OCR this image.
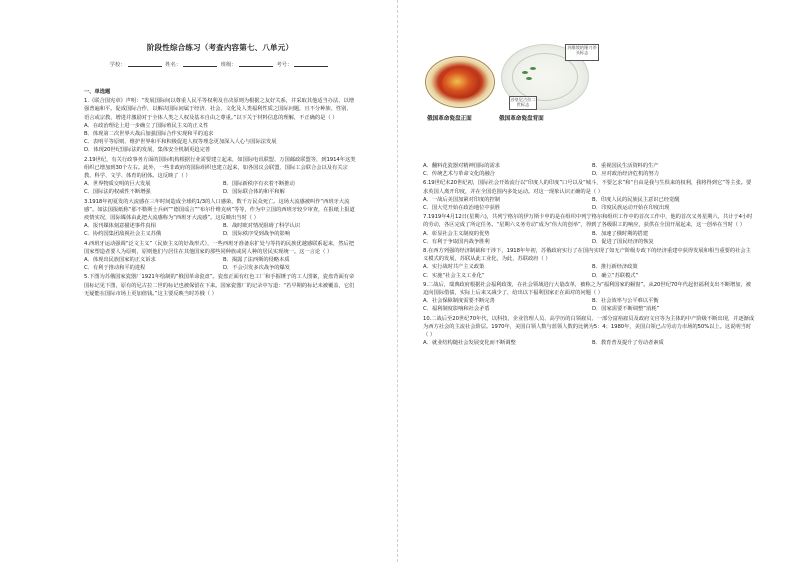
阶段性综合练习（考查内容第七、八单元）
学校：	姓名：	班级：	考号：
一、单选题
1.《联合国宪章》声明：“发展国际间以尊重人民平等权利及自决原则为根据之友好关系，并采取其他适当办法，以增强普遍和平。促成国际合作，以解决国际间属于经济、社会、文化及人类福利性质之国际问题，且不分种族、性别、语言或宗教，增进并激励对于全体人类之人权及基本自由之尊重。”以下关于材料信息的理解，不正确的是（ ）
A．在政治理论上进一步确立了国际殖民主义的正义性
B．体现第二次世界大战后加强国际合作实现和平的追求
C．表明平等原则、维护世界和平和积极促进人权等理念更加深入人心与国际法发展
D．体现20世纪国际法的发展，集体安全机制更趋完善
2.19世纪，有关行政事务方面的国际机构根据行业需要建立起来，如国际电讯联盟、万国邮政联盟等，到1914年这类组织已增加到30个左右。此外，一些非政府的国际组织也建立起来，如各国议会联盟、国际工会联合会以及有关宗教、科学、文学、体育的团体。这反映了（ ）
A．世界物质交明的巨大发展	B．国际新秩序有衣着不断推动
C．国际法的权威性不断增强	D．国际联合体的和平和解
3.1918年初夏发的大流感在三年时间造成全球约1/3的人口感染，数千万民众死亡。这场大流感被叫作“西班牙大流感”。如法国报纸称“那不勒斯士兵病”“德国谣言”“布尔什维克病”等等，作为中立国的西班牙较少审查，在报纸上报道疫情实况，国际媒体由此把大流感称为“西班牙大流感”。这反映出当时（ ）
A．报刊媒体刻意描述事件真相	B．战时欧对情况阻碍了科学认识
C．协约国集团敌视社会主义苏俄	D．国际秩序受到战争的影响
4.西班牙运动强调“泛文主义”（民族主义的好战形式），一些西班牙准备东扩处与等持的民族优越感联系起来，然后把国家塑造者要人为原则，原则他们与居住在其他国家的那些同种族或同人种的居民实现统一。这一言论（ ）
A．体现出民族国家的正义诉求	B．揭露了法西斯的侵略本质
C．有利于推动和平的进程	D．不会引发多次战争的爆发
5.下图为苏俄国家瓷器厂1921年绘制的“俄国革命瓷盘”。瓷盘正面有红色工厂和手握锤子的工人图案，瓷盘背面有帝国标记见下图，原有的尼古拉二世的标记也被保留在下来。国家瓷器厂的记录中写道：“若早期的标记未被覆盖，它们无疑能在国际市场上更加值钱。”这主要反映当时苏俄（ ）
苏维埃的锤刀斧头标志
沙皇尼古拉二世标志
俄国革命瓷盘正面	俄国革命瓷盘背面
A．翻料花瓷器对精神国际的需求	B．重视国民生活资料的生产
C．传统艺术与革命文化的融合	D．应对政治经济危机的努力
6.19世纪末20世纪初，国际社会开始流行以“印度人的印度”口号以及“城斗，不要乞求”和“自由是我与生俱来的权利，我将得到它”等主张。要求英国人离开印度，并在全国范围内多处运动。对这一现象认识正确的是（ ）
A．一战后美国加紧对印度的控制	B．印度人民的民族民主意识已经觉醒
C．国大党开始在政治地位中获胜	D．印度民族运动开始在印度出现
7.1919年4月12日(星期六)，共列宁格尔的伊万斯卡申的是在组织中列宁格尔和组织工作中的首次工作中，他的首次义务星期六，共计于4小时的劳动，各区完成了所定任务。“星期六义务劳动”成为“伟大的创举”，得到了各级职工的响应，获供在全国开展起来，这一创举在当时（ ）
A．彰显社会主义制度的优势	B．加速了俄时期的搭建
C．有利于争取国内战争胜利	D．促进了国民经济的恢复
8.在西方列强的经济制裁和干涉下，1918年年初，苏俄政府实行了在国内实现了如无产阶级专政下的经济重建中获得发展和相当重要的社会主义模式的发展，苏联从此工业化，为此，苏联政府（ ）
A．实行战时共产主义政策	B．推行新经济政策
C．实施“社会主义工业化”	D．确立“苏联模式”
9.二战后，瑞典政府根据社会福利政策，在社会领域进行大量改革，被称之为“福利国家的橱窗”。从20世纪70年代起但福利支出不断增加，被迫向国际借债，实际上后来又减少了，给出以下福利国家正在面对的问题（ ）
A．社会保障制度需要不断完善	B．社会效率与公平难以平衡
C．福利制度影响和社会矛盾	D．国家需要不断调整”消耗”
10.二战后至20世纪70年代，以科技、企业管理人员、高学历的白领雇员、一部分富裕雇员及政府文官等为主体的中产阶级不断出现，并逐渐成为西方社会的主流社会阶层。1970年，美国白领人数与蓝领人数的比例为5：4；1980年，美国白领已占劳动力市场的50%以上。这说明当时（ ）
A．就业结构随社会发展变化而不断调整	B．教育普及提升了劳动者素质
